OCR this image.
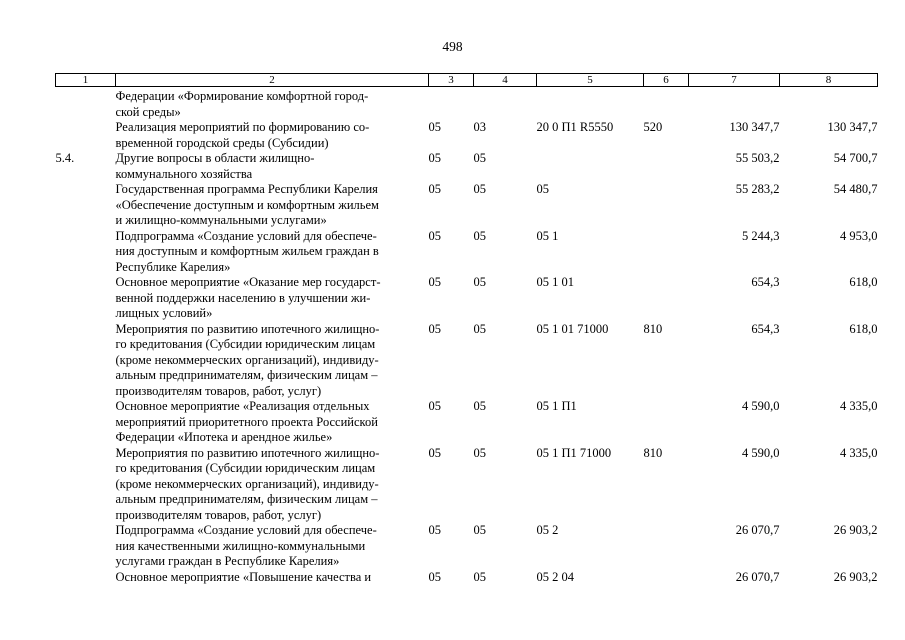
498
1	2	3	4	5	6	7	8
	Федерации «Формирование комфортной город-
ской среды»						
	Реализация мероприятий по формированию со-
временной городской среды (Субсидии)	05	03	20 0 П1 R5550	520	130 347,7	130 347,7
5.4.	Другие вопросы в области жилищно-
коммунального хозяйства	05	05			55 503,2	54 700,7
	Государственная программа Республики Карелия
«Обеспечение доступным и комфортным жильем
и жилищно-коммунальными услугами»	05	05	05		55 283,2	54 480,7
	Подпрограмма «Создание условий для обеспече-
ния доступным и комфортным жильем граждан в
Республике Карелия»	05	05	05 1		5 244,3	4 953,0
	Основное мероприятие «Оказание мер государст-
венной поддержки населению в улучшении жи-
лищных условий»	05	05	05 1 01		654,3	618,0
	Мероприятия по развитию ипотечного жилищно-
го кредитования (Субсидии юридическим лицам
(кроме некоммерческих организаций), индивиду-
альным предпринимателям, физическим лицам –
производителям товаров, работ, услуг)	05	05	05 1 01 71000	810	654,3	618,0
	Основное мероприятие «Реализация отдельных
мероприятий приоритетного проекта Российской
Федерации «Ипотека и арендное жилье»	05	05	05 1 П1		4 590,0	4 335,0
	Мероприятия по развитию ипотечного жилищно-
го кредитования (Субсидии юридическим лицам
(кроме некоммерческих организаций), индивиду-
альным предпринимателям, физическим лицам –
производителям товаров, работ, услуг)	05	05	05 1 П1 71000	810	4 590,0	4 335,0
	Подпрограмма «Создание условий для обеспече-
ния качественными жилищно-коммунальными
услугами граждан в Республике Карелия»	05	05	05 2		26 070,7	26 903,2
	Основное мероприятие «Повышение качества и	05	05	05 2 04		26 070,7	26 903,2
